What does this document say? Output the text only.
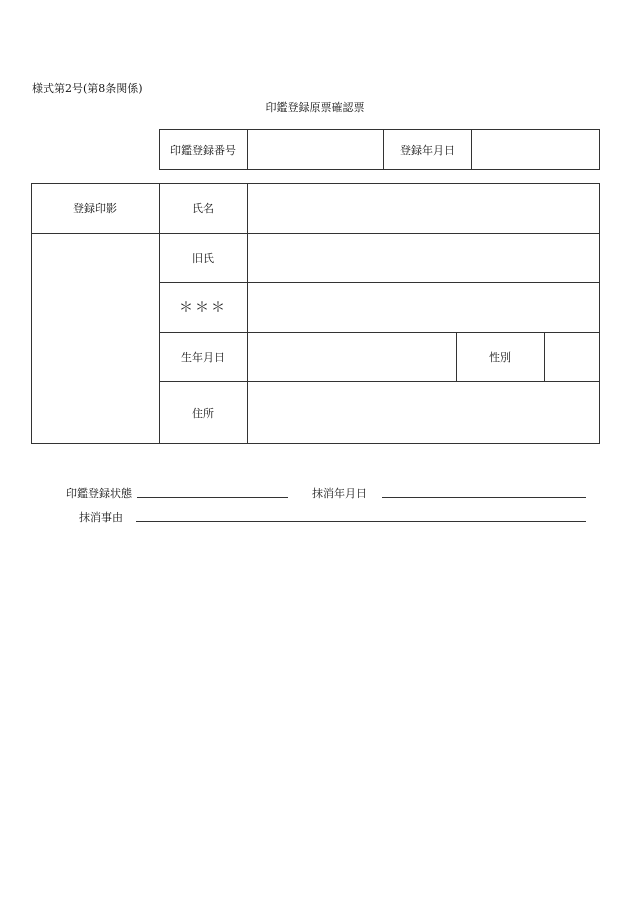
様式第2号(第8条関係)
印鑑登録原票確認票
印鑑登録番号	登録年月日
登録印影	氏名
旧氏
＊＊＊
生年月日	性別
住所
印鑑登録状態	抹消年月日
抹消事由
